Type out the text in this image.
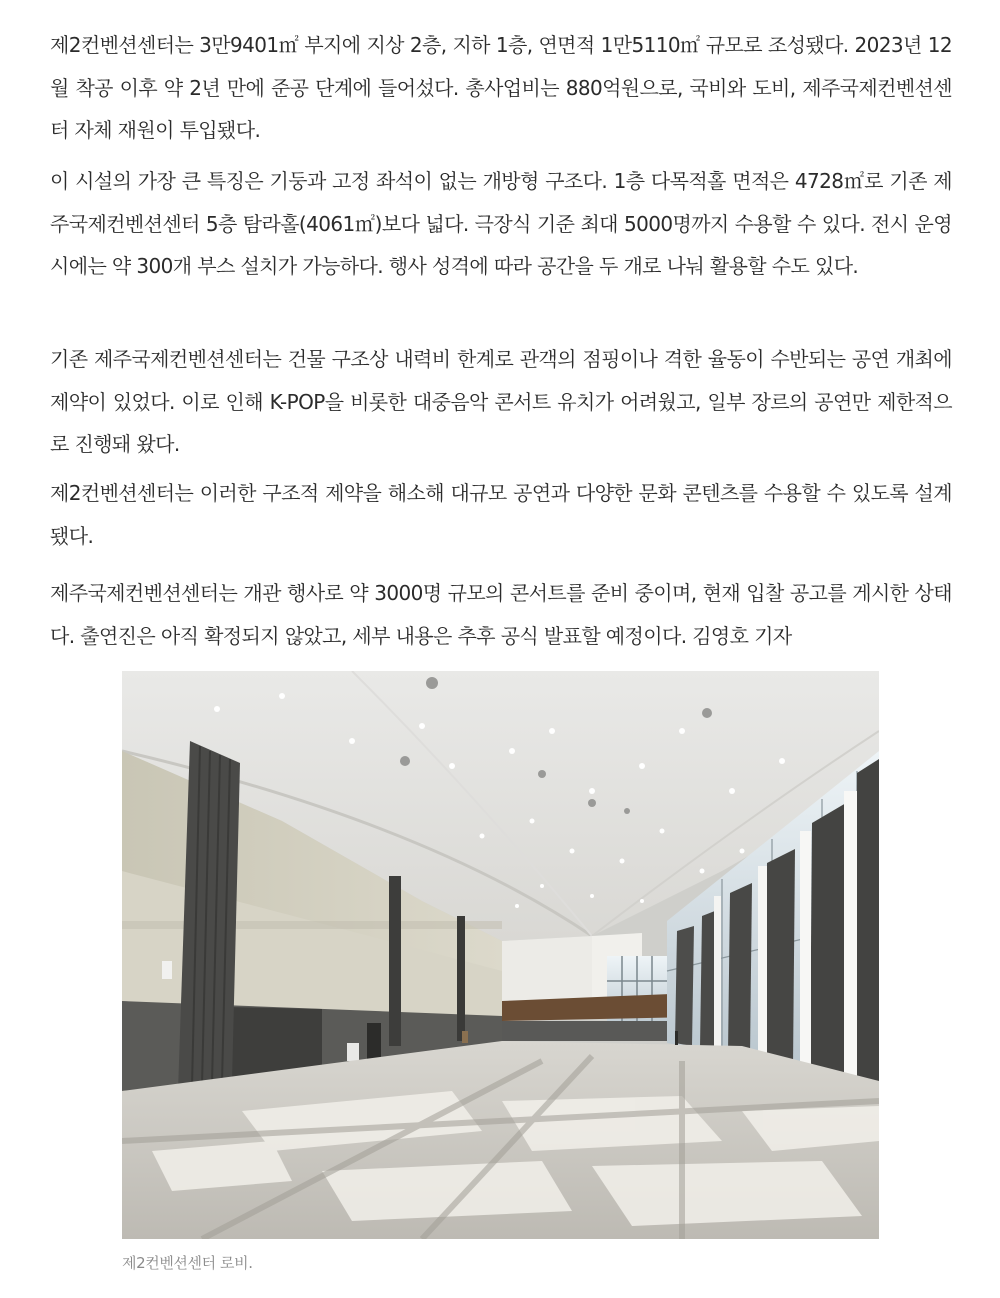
제2컨벤션센터는 3만9401㎡ 부지에 지상 2층, 지하 1층, 연면적 1만5110㎡ 규모로 조성됐다. 2023년 12월 착공 이후 약 2년 만에 준공 단계에 들어섰다. 총사업비는 880억원으로, 국비와 도비, 제주국제컨벤션센터 자체 재원이 투입됐다.

이 시설의 가장 큰 특징은 기둥과 고정 좌석이 없는 개방형 구조다. 1층 다목적홀 면적은 4728㎡로 기존 제주국제컨벤션센터 5층 탐라홀(4061㎡)보다 넓다. 극장식 기준 최대 5000명까지 수용할 수 있다. 전시 운영 시에는 약 300개 부스 설치가 가능하다. 행사 성격에 따라 공간을 두 개로 나눠 활용할 수도 있다.

기존 제주국제컨벤션센터는 건물 구조상 내력비 한계로 관객의 점핑이나 격한 율동이 수반되는 공연 개최에 제약이 있었다. 이로 인해 K-POP을 비롯한 대중음악 콘서트 유치가 어려웠고, 일부 장르의 공연만 제한적으로 진행돼 왔다.

제2컨벤션센터는 이러한 구조적 제약을 해소해 대규모 공연과 다양한 문화 콘텐츠를 수용할 수 있도록 설계됐다.

제주국제컨벤션센터는 개관 행사로 약 3000명 규모의 콘서트를 준비 중이며, 현재 입찰 공고를 게시한 상태다. 출연진은 아직 확정되지 않았고, 세부 내용은 추후 공식 발표할 예정이다. 김영호 기자

제2컨벤션센터 로비.
